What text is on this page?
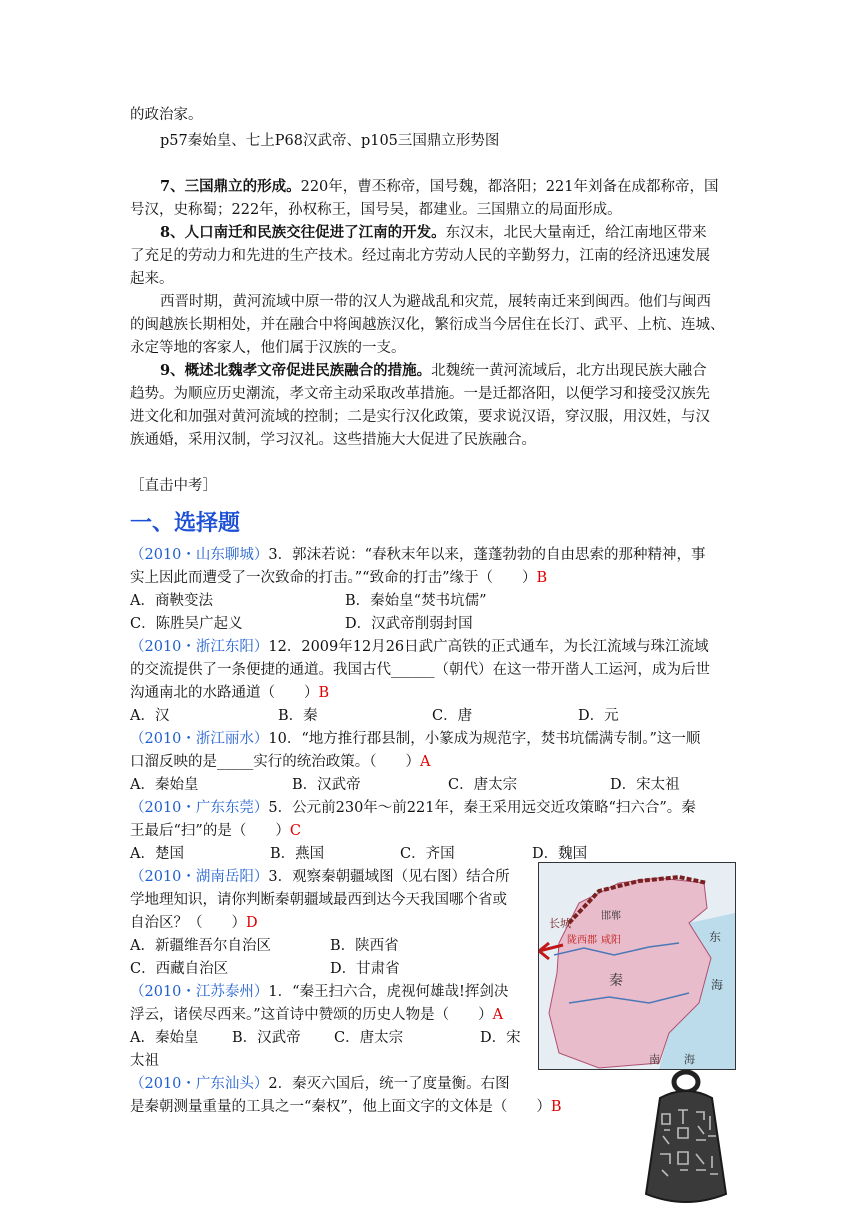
的政治家。
p57秦始皇、七上P68汉武帝、p105三国鼎立形势图
7、三国鼎立的形成。220年，曹丕称帝，国号魏，都洛阳；221年刘备在成都称帝，国
号汉，史称蜀；222年，孙权称王，国号吴，都建业。三国鼎立的局面形成。
8、人口南迁和民族交往促进了江南的开发。东汉末，北民大量南迁，给江南地区带来
了充足的劳动力和先进的生产技术。经过南北方劳动人民的辛勤努力，江南的经济迅速发展
起来。
西晋时期，黄河流域中原一带的汉人为避战乱和灾荒，展转南迁来到闽西。他们与闽西
的闽越族长期相处，并在融合中将闽越族汉化，繁衍成当今居住在长汀、武平、上杭、连城、
永定等地的客家人，他们属于汉族的一支。
9、概述北魏孝文帝促进民族融合的措施。北魏统一黄河流域后，北方出现民族大融合
趋势。为顺应历史潮流，孝文帝主动采取改革措施。一是迁都洛阳，以便学习和接受汉族先
进文化和加强对黄河流域的控制；二是实行汉化政策，要求说汉语，穿汉服，用汉姓，与汉
族通婚，采用汉制，学习汉礼。这些措施大大促进了民族融合。
［直击中考］
一、选择题
（2010・山东聊城）3．郭沫若说：“春秋末年以来，蓬蓬勃勃的自由思索的那种精神，事
实上因此而遭受了一次致命的打击。”“致命的打击”缘于（　　）B
A．商鞅变法	B．秦始皇“焚书坑儒”
C．陈胜吴广起义	D．汉武帝削弱封国
（2010・浙江东阳）12．2009年12月26日武广高铁的正式通车，为长江流域与珠江流域
的交流提供了一条便捷的通道。我国古代______（朝代）在这一带开凿人工运河，成为后世
沟通南北的水路通道（　　）B
A．汉	B．秦	C．唐	D．元
（2010・浙江丽水）10．“地方推行郡县制，小篆成为规范字，焚书坑儒满专制。”这一顺
口溜反映的是_____实行的统治政策。（　　）A
A．秦始皇	B．汉武帝	C．唐太宗	D．宋太祖
（2010・广东东莞）5．公元前230年～前221年，秦王采用远交近攻策略“扫六合”。秦
王最后“扫”的是（　　）C
A．楚国	B．燕国	C．齐国	D．魏国
（2010・湖南岳阳）3．观察秦朝疆域图（见右图）结合所
学地理知识，请你判断秦朝疆域最西到达今天我国哪个省或
自治区？（　　）D
A．新疆维吾尔自治区	B．陕西省
C．西藏自治区	D．甘肃省
（2010・江苏泰州）1．“秦王扫六合，虎视何雄哉!挥剑决
浮云，诸侯尽西来。”这首诗中赞颂的历史人物是（　　）A
A．秦始皇 B．汉武帝 C．唐太宗	D．宋
太祖
（2010・广东汕头）2．秦灭六国后，统一了度量衡。右图
是秦朝测量重量的工具之一“秦权”，他上面文字的文体是（　　）B
长城
邯郸
陇西郡 咸阳
秦
东
海
南 海
